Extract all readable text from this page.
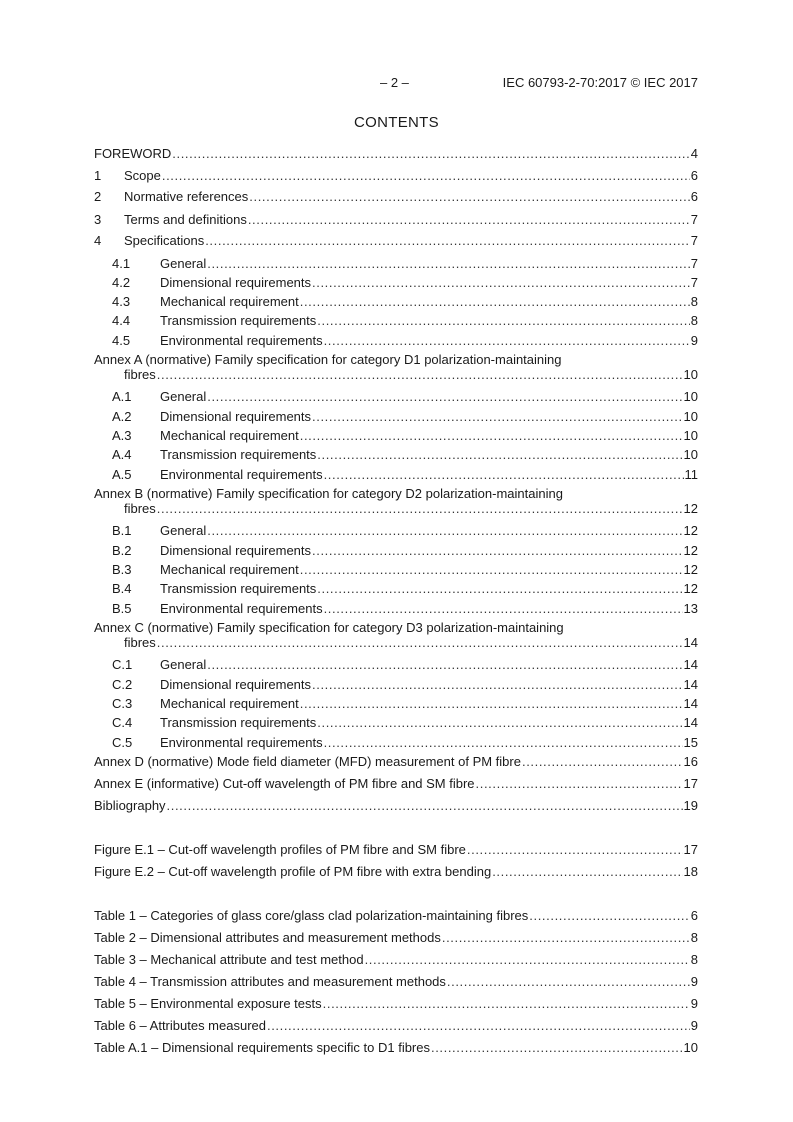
– 2 –	IEC 60793-2-70:2017 © IEC 2017
CONTENTS
FOREWORD .....	4
1	Scope .....	6
2	Normative references .....	6
3	Terms and definitions .....	7
4	Specifications .....	7
4.1	General .....	7
4.2	Dimensional requirements .....	7
4.3	Mechanical requirement .....	8
4.4	Transmission requirements .....	8
4.5	Environmental requirements .....	9
Annex A (normative) Family specification for category D1 polarization-maintaining
fibres .....	10
A.1	General .....	10
A.2	Dimensional requirements .....	10
A.3	Mechanical requirement .....	10
A.4	Transmission requirements .....	10
A.5	Environmental requirements .....	11
Annex B (normative) Family specification for category D2 polarization-maintaining
fibres .....	12
B.1	General .....	12
B.2	Dimensional requirements .....	12
B.3	Mechanical requirement .....	12
B.4	Transmission requirements .....	12
B.5	Environmental requirements .....	13
Annex C (normative) Family specification for category D3 polarization-maintaining
fibres .....	14
C.1	General .....	14
C.2	Dimensional requirements .....	14
C.3	Mechanical requirement .....	14
C.4	Transmission requirements .....	14
C.5	Environmental requirements .....	15
Annex D (normative) Mode field diameter (MFD) measurement of PM fibre .....	16
Annex E (informative) Cut-off wavelength of PM fibre and SM fibre .....	17
Bibliography .....	19
Figure E.1 – Cut-off wavelength profiles of PM fibre and SM fibre .....	17
Figure E.2 – Cut-off wavelength profile of PM fibre with extra bending .....	18
Table 1 – Categories of glass core/glass clad polarization-maintaining fibres .....	6
Table 2 – Dimensional attributes and measurement methods .....	8
Table 3 – Mechanical attribute and test method .....	8
Table 4 – Transmission attributes and measurement methods .....	9
Table 5 – Environmental exposure tests .....	9
Table 6 – Attributes measured .....	9
Table A.1 – Dimensional requirements specific to D1 fibres .....	10
